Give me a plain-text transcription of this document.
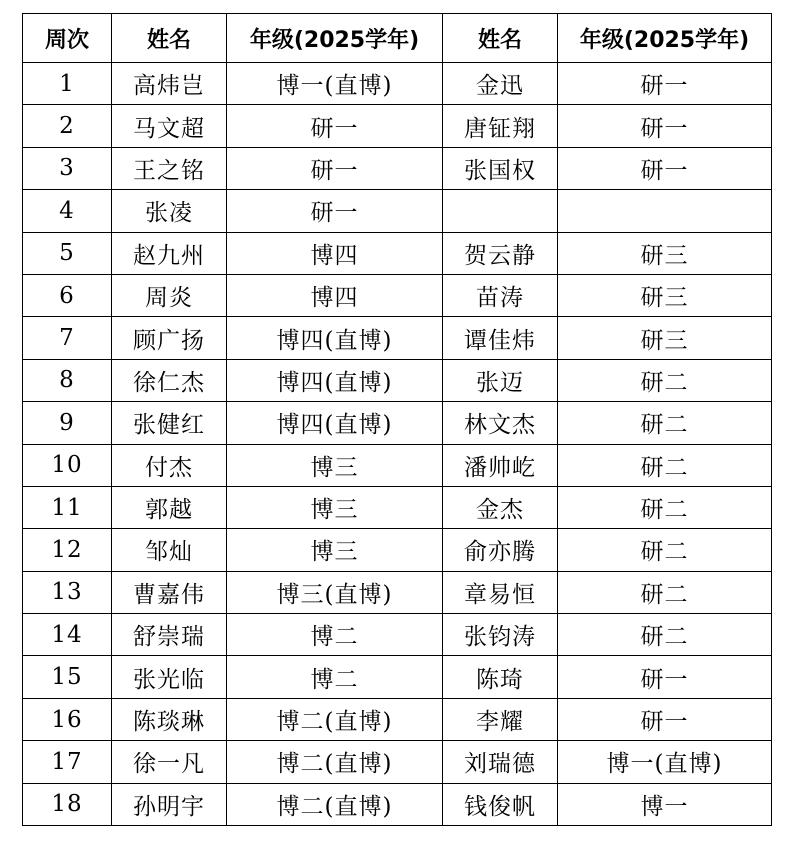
周次	姓名	年级(2025学年)	姓名	年级(2025学年)
1	高炜岂	博一(直博)	金迅	研一
2	马文超	研一	唐钲翔	研一
3	王之铭	研一	张国权	研一
4	张凌	研一		
5	赵九州	博四	贺云静	研三
6	周炎	博四	苗涛	研三
7	顾广扬	博四(直博)	谭佳炜	研三
8	徐仁杰	博四(直博)	张迈	研二
9	张健红	博四(直博)	林文杰	研二
10	付杰	博三	潘帅屹	研二
11	郭越	博三	金杰	研二
12	邹灿	博三	俞亦腾	研二
13	曹嘉伟	博三(直博)	章易恒	研二
14	舒崇瑞	博二	张钧涛	研二
15	张光临	博二	陈琦	研一
16	陈琰琳	博二(直博)	李耀	研一
17	徐一凡	博二(直博)	刘瑞德	博一(直博)
18	孙明宇	博二(直博)	钱俊帆	博一
